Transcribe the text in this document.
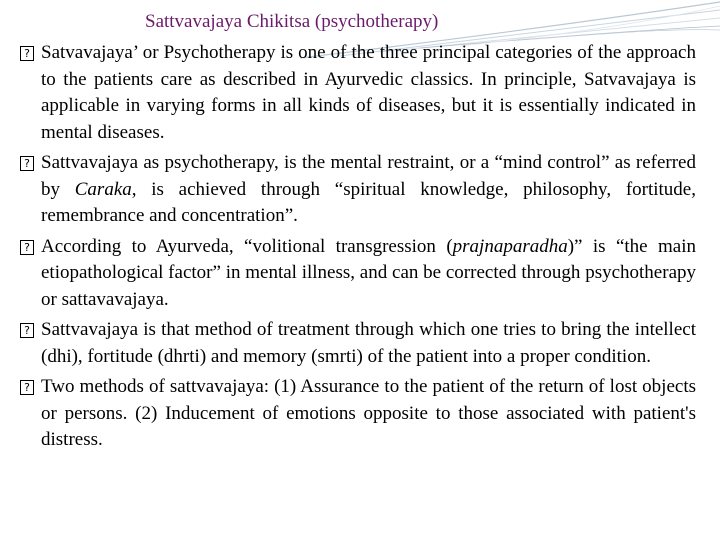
Sattvavajaya Chikitsa (psychotherapy)
? Satvavajaya’ or Psychotherapy is one of the three principal categories of the approach to the patients care as described in Ayurvedic classics. In principle, Satvavajaya is applicable in varying forms in all kinds of diseases, but it is essentially indicated in mental diseases.
? Sattvavajaya as psychotherapy, is the mental restraint, or a “mind control” as referred by Caraka, is achieved through “spiritual knowledge, philosophy, fortitude, remembrance and concentration”.
? According to Ayurveda, “volitional transgression (prajnaparadha)” is “the main etiopathological factor” in mental illness, and can be corrected through psychotherapy or sattavavajaya.
? Sattvavajaya is that method of treatment through which one tries to bring the intellect (dhi), fortitude (dhrti) and memory (smrti) of the patient into a proper condition.
? Two methods of sattvavajaya: (1) Assurance to the patient of the return of lost objects or persons. (2) Inducement of emotions opposite to those associated with patient's distress.
